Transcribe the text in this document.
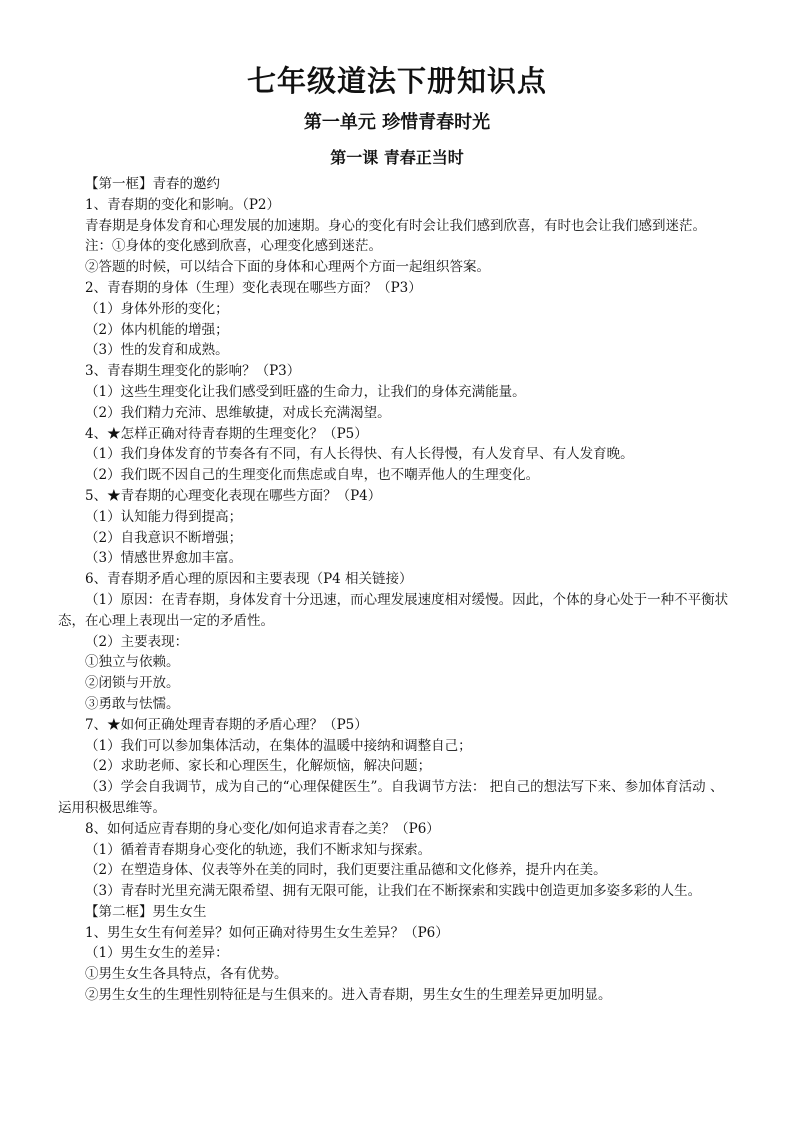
七年级道法下册知识点
第一单元 珍惜青春时光
第一课 青春正当时

【第一框】青春的邀约

1、青春期的变化和影响。（P2）

青春期是身体发育和心理发展的加速期。身心的变化有时会让我们感到欣喜，有时也会让我们感到迷茫。

注：①身体的变化感到欣喜，心理变化感到迷茫。

②答题的时候，可以结合下面的身体和心理两个方面一起组织答案。

2、青春期的身体（生理）变化表现在哪些方面？（P3）

（1）身体外形的变化；

（2）体内机能的增强；

（3）性的发育和成熟。

3、青春期生理变化的影响？（P3）

（1）这些生理变化让我们感受到旺盛的生命力，让我们的身体充满能量。

（2）我们精力充沛、思维敏捷，对成长充满渴望。

4、★怎样正确对待青春期的生理变化？（P5）

（1）我们身体发育的节奏各有不同，有人长得快、有人长得慢，有人发育早、有人发育晚。

（2）我们既不因自己的生理变化而焦虑或自卑，也不嘲弄他人的生理变化。

5、★青春期的心理变化表现在哪些方面？（P4）

（1）认知能力得到提高；

（2）自我意识不断增强；

（3）情感世界愈加丰富。

6、青春期矛盾心理的原因和主要表现（P4 相关链接）

（1）原因：在青春期，身体发育十分迅速，而心理发展速度相对缓慢。因此，个体的身心处于一种不平衡状态，在心理上表现出一定的矛盾性。

（2）主要表现：

①独立与依赖。

②闭锁与开放。

③勇敢与怯懦。

7、★如何正确处理青春期的矛盾心理？（P5）

（1）我们可以参加集体活动，在集体的温暖中接纳和调整自己；

（2）求助老师、家长和心理医生，化解烦恼，解决问题；

（3）学会自我调节，成为自己的“心理保健医生”。自我调节方法： 把自己的想法写下来、参加体育活动 、运用积极思维等。

8、如何适应青春期的身心变化/如何追求青春之美？（P6）

（1）循着青春期身心变化的轨迹，我们不断求知与探索。

（2）在塑造身体、仪表等外在美的同时，我们更要注重品德和文化修养，提升内在美。

（3）青春时光里充满无限希望、拥有无限可能，让我们在不断探索和实践中创造更加多姿多彩的人生。

【第二框】男生女生

1、男生女生有何差异？如何正确对待男生女生差异？（P6）

（1）男生女生的差异：

①男生女生各具特点，各有优势。

②男生女生的生理性别特征是与生俱来的。进入青春期，男生女生的生理差异更加明显。
